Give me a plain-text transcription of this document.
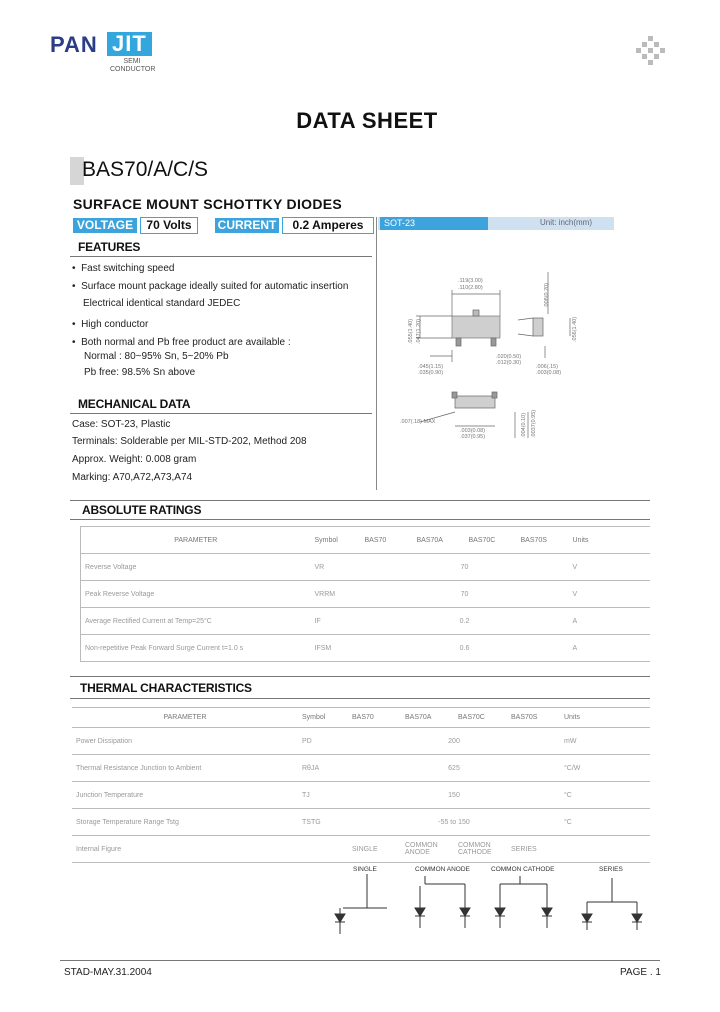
PAN JIT
SEMI
CONDUCTOR
DATA SHEET
BAS70/A/C/S
SURFACE MOUNT SCHOTTKY DIODES
VOLTAGE	70 Volts	CURRENT	0.2 Amperes	SOT-23	Unit: inch(mm)
FEATURES
•  Fast switching speed
•  Surface mount package ideally suited for automatic insertion
Electrical identical standard JEDEC
•  High conductor
•  Both normal and Pb free product are available :
Normal : 80~95% Sn, 5~20% Pb
Pb free: 98.5% Sn above
MECHANICAL DATA
Case: SOT-23, Plastic
Terminals: Solderable per MIL-STD-202, Method 208
Approx. Weight: 0.008 gram
Marking: A70,A72,A73,A74
.119(3.00)
.110(2.80)
.055(1.40) .047(1.20)
.008(0.20)
.056(1.40)
.045(1.15)
.035(0.90)
.006(.15)
.003(0.08)
.007(.18) MAX
.003(0.08)
.037(0.95)	.004(0.10) .0037(0.95)
.020(0.50)
.012(0.30)
ABSOLUTE RATINGS
PARAMETER	Symbol	BAS70	BAS70A	BAS70C	BAS70S	Units
Reverse Voltage	VR	70				V
Peak Reverse Voltage	VRRM	70				V
Average Rectified Current at Temp=25°C	IF	0.2				A
Non-repetitive Peak Forward Surge Current t=1.0 s	IFSM	0.6				A
THERMAL CHARACTERISTICS
PARAMETER	Symbol	BAS70	BAS70A	BAS70C	BAS70S	Units
Power Dissipation	PD	200				mW
Thermal Resistance Junction to Ambient	RθJA	625				°C/W
Junction Temperature	TJ	150				°C
Storage Temperature Range Tstg	TSTG	-55 to 150				°C
Internal Figure		SINGLE	COMMON ANODE	COMMON CATHODE	SERIES	
SINGLE	COMMON ANODE	COMMON CATHODE	SERIES
STAD-MAY.31.2004	PAGE . 1
